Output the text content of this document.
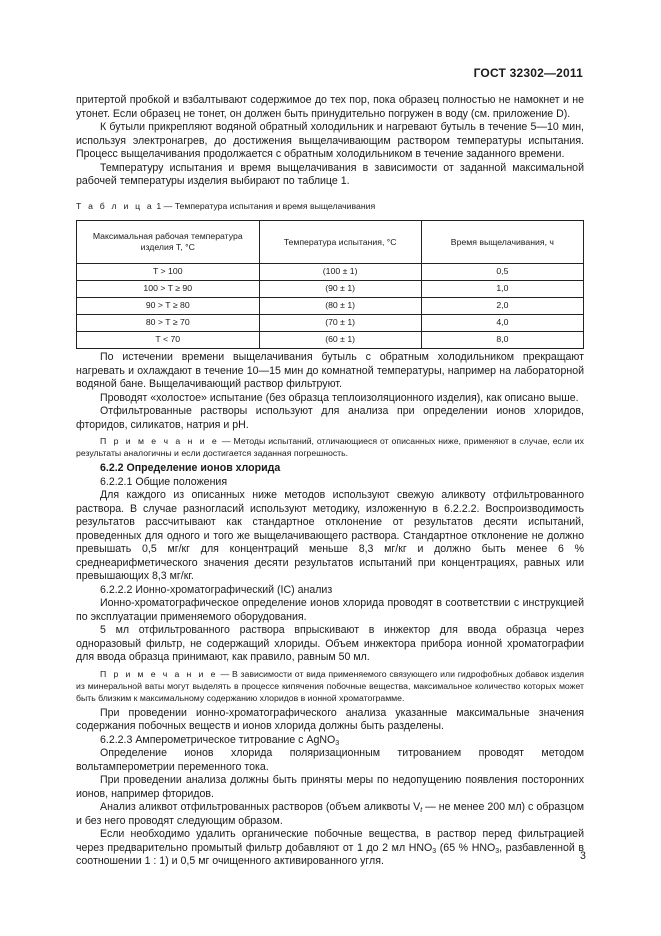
ГОСТ 32302—2011

притертой пробкой и взбалтывают содержимое до тех пор, пока образец полностью не намокнет и не утонет. Если образец не тонет, он должен быть принудительно погружен в воду (см. приложение D).

К бутыли прикрепляют водяной обратный холодильник и нагревают бутыль в течение 5—10 мин, используя электронагрев, до достижения выщелачивающим раствором температуры испытания. Процесс выщелачивания продолжается с обратным холодильником в течение заданного времени.

Температуру испытания и время выщелачивания в зависимости от заданной максимальной рабочей температуры изделия выбирают по таблице 1.

Т а б л и ц а 1 — Температура испытания и время выщелачивания

Максимальная рабочая температура изделия T, °С	Температура испытания, °С	Время выщелачивания, ч
T > 100	(100 ± 1)	0,5
100 > T ≥ 90	(90 ± 1)	1,0
90 > T ≥ 80	(80 ± 1)	2,0
80 > T ≥ 70	(70 ± 1)	4,0
T < 70	(60 ± 1)	8,0

По истечении времени выщелачивания бутыль с обратным холодильником прекращают нагревать и охлаждают в течение 10—15 мин до комнатной температуры, например на лабораторной водяной бане. Выщелачивающий раствор фильтруют.

Проводят «холостое» испытание (без образца теплоизоляционного изделия), как описано выше.

Отфильтрованные растворы используют для анализа при определении ионов хлоридов, фторидов, силикатов, натрия и pH.

П р и м е ч а н и е — Методы испытаний, отличающиеся от описанных ниже, применяют в случае, если их результаты аналогичны и если достигается заданная погрешность.

6.2.2 Определение ионов хлорида

6.2.2.1 Общие положения

Для каждого из описанных ниже методов используют свежую аликвоту отфильтрованного раствора. В случае разногласий используют методику, изложенную в 6.2.2.2. Воспроизводимость результатов рассчитывают как стандартное отклонение от результатов десяти испытаний, проведенных для одного и того же выщелачивающего раствора. Стандартное отклонение не должно превышать 0,5 мг/кг для концентраций меньше 8,3 мг/кг и должно быть менее 6 % среднеарифметического значения десяти результатов испытаний при концентрациях, равных или превышающих 8,3 мг/кг.

6.2.2.2 Ионно-хроматографический (IC) анализ

Ионно-хроматографическое определение ионов хлорида проводят в соответствии с инструкцией по эксплуатации применяемого оборудования.

5 мл отфильтрованного раствора впрыскивают в инжектор для ввода образца через одноразовый фильтр, не содержащий хлориды. Объем инжектора прибора ионной хроматографии для ввода образца принимают, как правило, равным 50 мл.

П р и м е ч а н и е — В зависимости от вида применяемого связующего или гидрофобных добавок изделия из минеральной ваты могут выделять в процессе кипячения побочные вещества, максимальное количество которых может быть близким к максимальному содержанию хлоридов в ионной хроматограмме.

При проведении ионно-хроматографического анализа указанные максимальные значения содержания побочных веществ и ионов хлорида должны быть разделены.

6.2.2.3 Амперометрическое титрование с AgNO$_3$

Определение ионов хлорида поляризационным титрованием проводят методом вольтамперометрии переменного тока.

При проведении анализа должны быть приняты меры по недопущению появления посторонних ионов, например фторидов.

Анализ аликвот отфильтрованных растворов (объем аликвоты $V_t$ — не менее 200 мл) с образцом и без него проводят следующим образом.

Если необходимо удалить органические побочные вещества, в раствор перед фильтрацией через предварительно промытый фильтр добавляют от 1 до 2 мл $HNO_3$ (65 % $HNO_3$, разбавленной в соотношении 1 : 1) и 0,5 мг очищенного активированного угля.	3
